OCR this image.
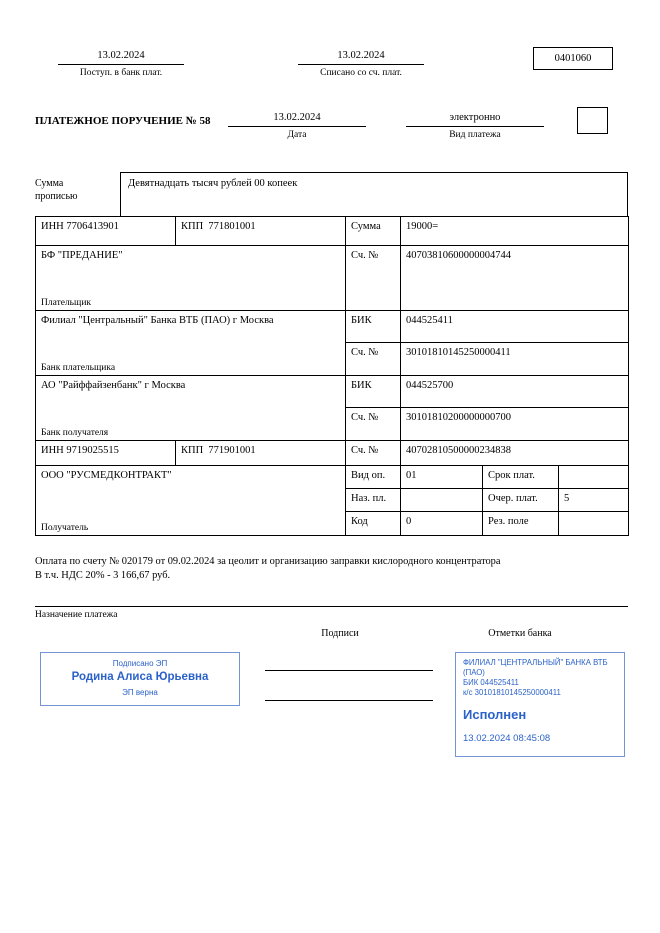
13.02.2024
Поступ. в банк плат.
13.02.2024
Списано со сч. плат.
0401060
ПЛАТЕЖНОЕ ПОРУЧЕНИЕ № 58	13.02.2024
Дата
электронно
Вид платежа
Сумма
прописью
Девятнадцать тысяч рублей 00 копеек
ИНН 7706413901	КПП  771801001	Сумма	19000=		

БФ "ПРЕДАНИЕ"
Плательщик		Сч. №	40703810600000004744		

Филиал "Центральный" Банка ВТБ (ПАО) г Москва
Банк плательщика		БИК	044525411		
		Сч. №	30101810145250000411		

АО "Райффайзенбанк" г Москва
Банк получателя		БИК	044525700		
		Сч. №	30101810200000000700		
ИНН 9719025515	КПП  771901001	Сч. №	40702810500000234838		

ООО "РУСМЕДКОНТРАКТ"
Получатель		Вид оп.	01	Срок плат.	
		Наз. пл.		Очер. плат.	5
		Код	0	Рез. поле	
Оплата по счету № 020179 от 09.02.2024 за цеолит и организацию заправки кислородного концентратора
В т.ч. НДС 20% - 3 166,67 руб.
Назначение платежа
Подписи	Отметки банка
Подписано ЭП
Родина Алиса Юрьевна
ЭП верна
ФИЛИАЛ "ЦЕНТРАЛЬНЫЙ" БАНКА ВТБ (ПАО)
БИК 044525411
к/с 30101810145250000411
Исполнен
13.02.2024 08:45:08
